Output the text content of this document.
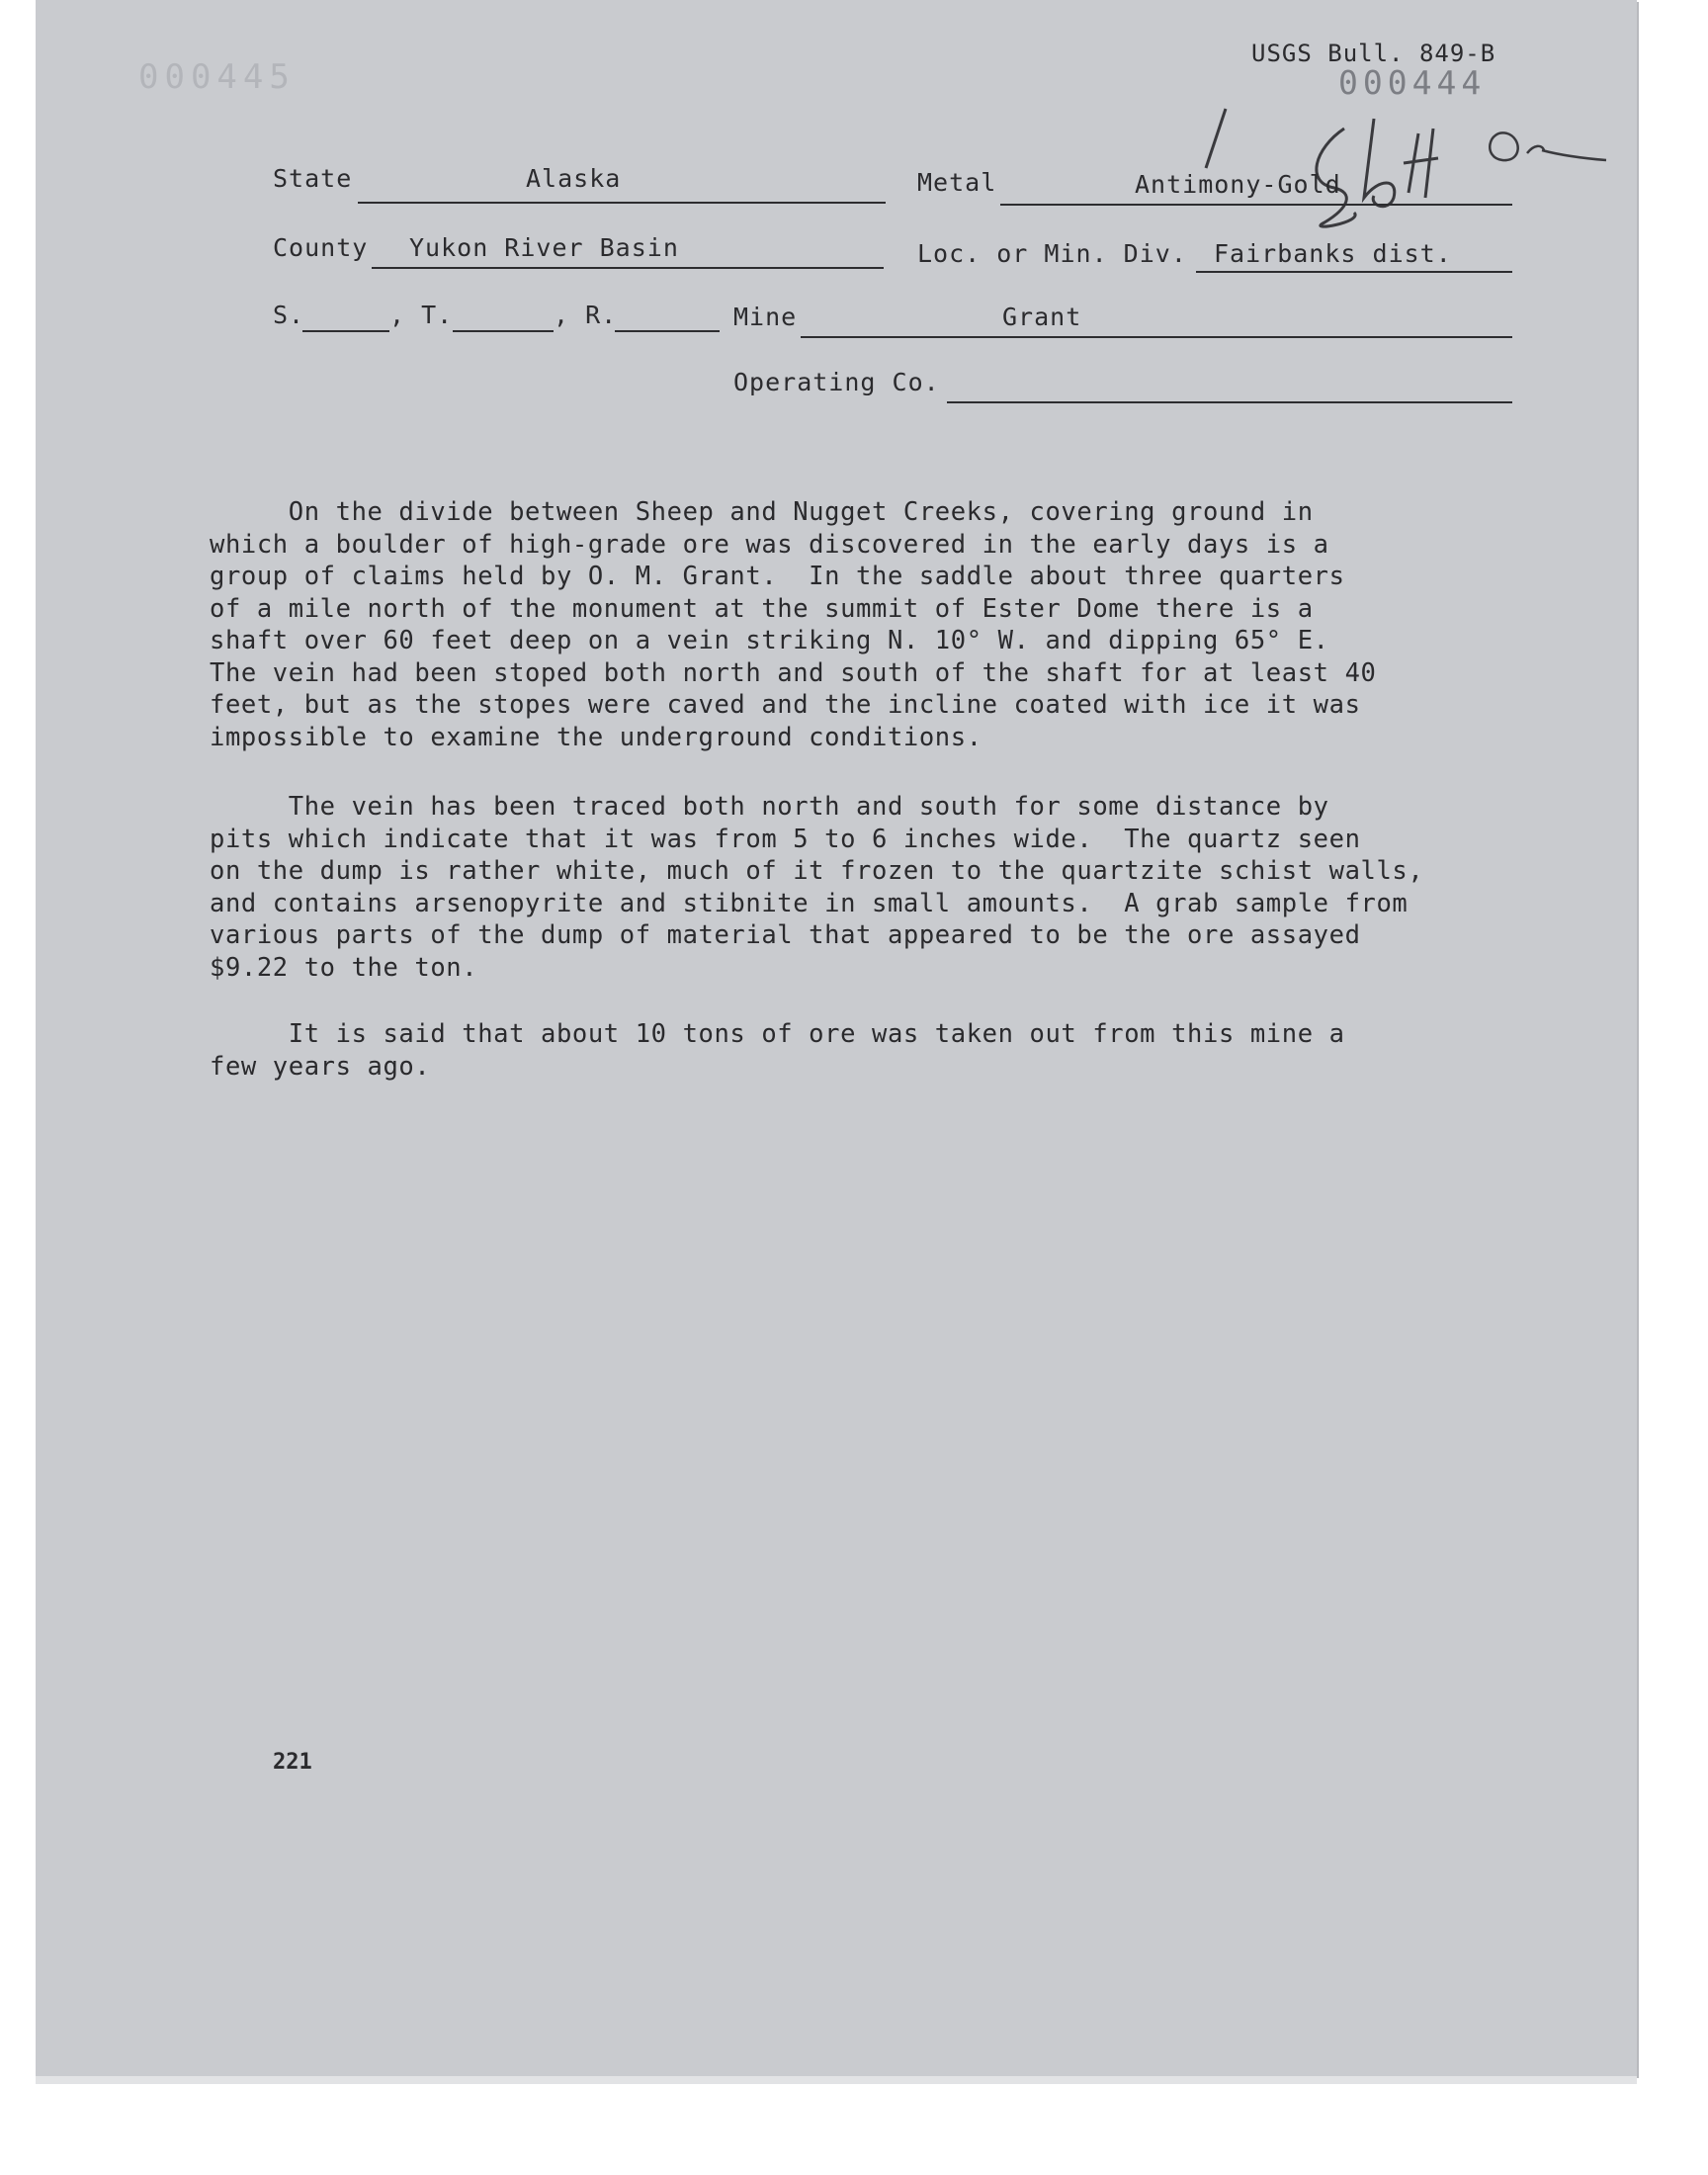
000445
USGS Bull. 849-B
000444
State	Alaska	Metal	Antimony-Gold
County Yukon River Basin	Loc. or Min. Div. Fairbanks dist.
S.	, T.	, R.	Mine	Grant
Operating Co.
On the divide between Sheep and Nugget Creeks, covering ground in
which a boulder of high-grade ore was discovered in the early days is a
group of claims held by O. M. Grant.  In the saddle about three quarters
of a mile north of the monument at the summit of Ester Dome there is a
shaft over 60 feet deep on a vein striking N. 10° W. and dipping 65° E.
The vein had been stoped both north and south of the shaft for at least 40
feet, but as the stopes were caved and the incline coated with ice it was
impossible to examine the underground conditions.
The vein has been traced both north and south for some distance by
pits which indicate that it was from 5 to 6 inches wide.  The quartz seen
on the dump is rather white, much of it frozen to the quartzite schist walls,
and contains arsenopyrite and stibnite in small amounts.  A grab sample from
various parts of the dump of material that appeared to be the ore assayed
$9.22 to the ton.
It is said that about 10 tons of ore was taken out from this mine a
few years ago.
221
